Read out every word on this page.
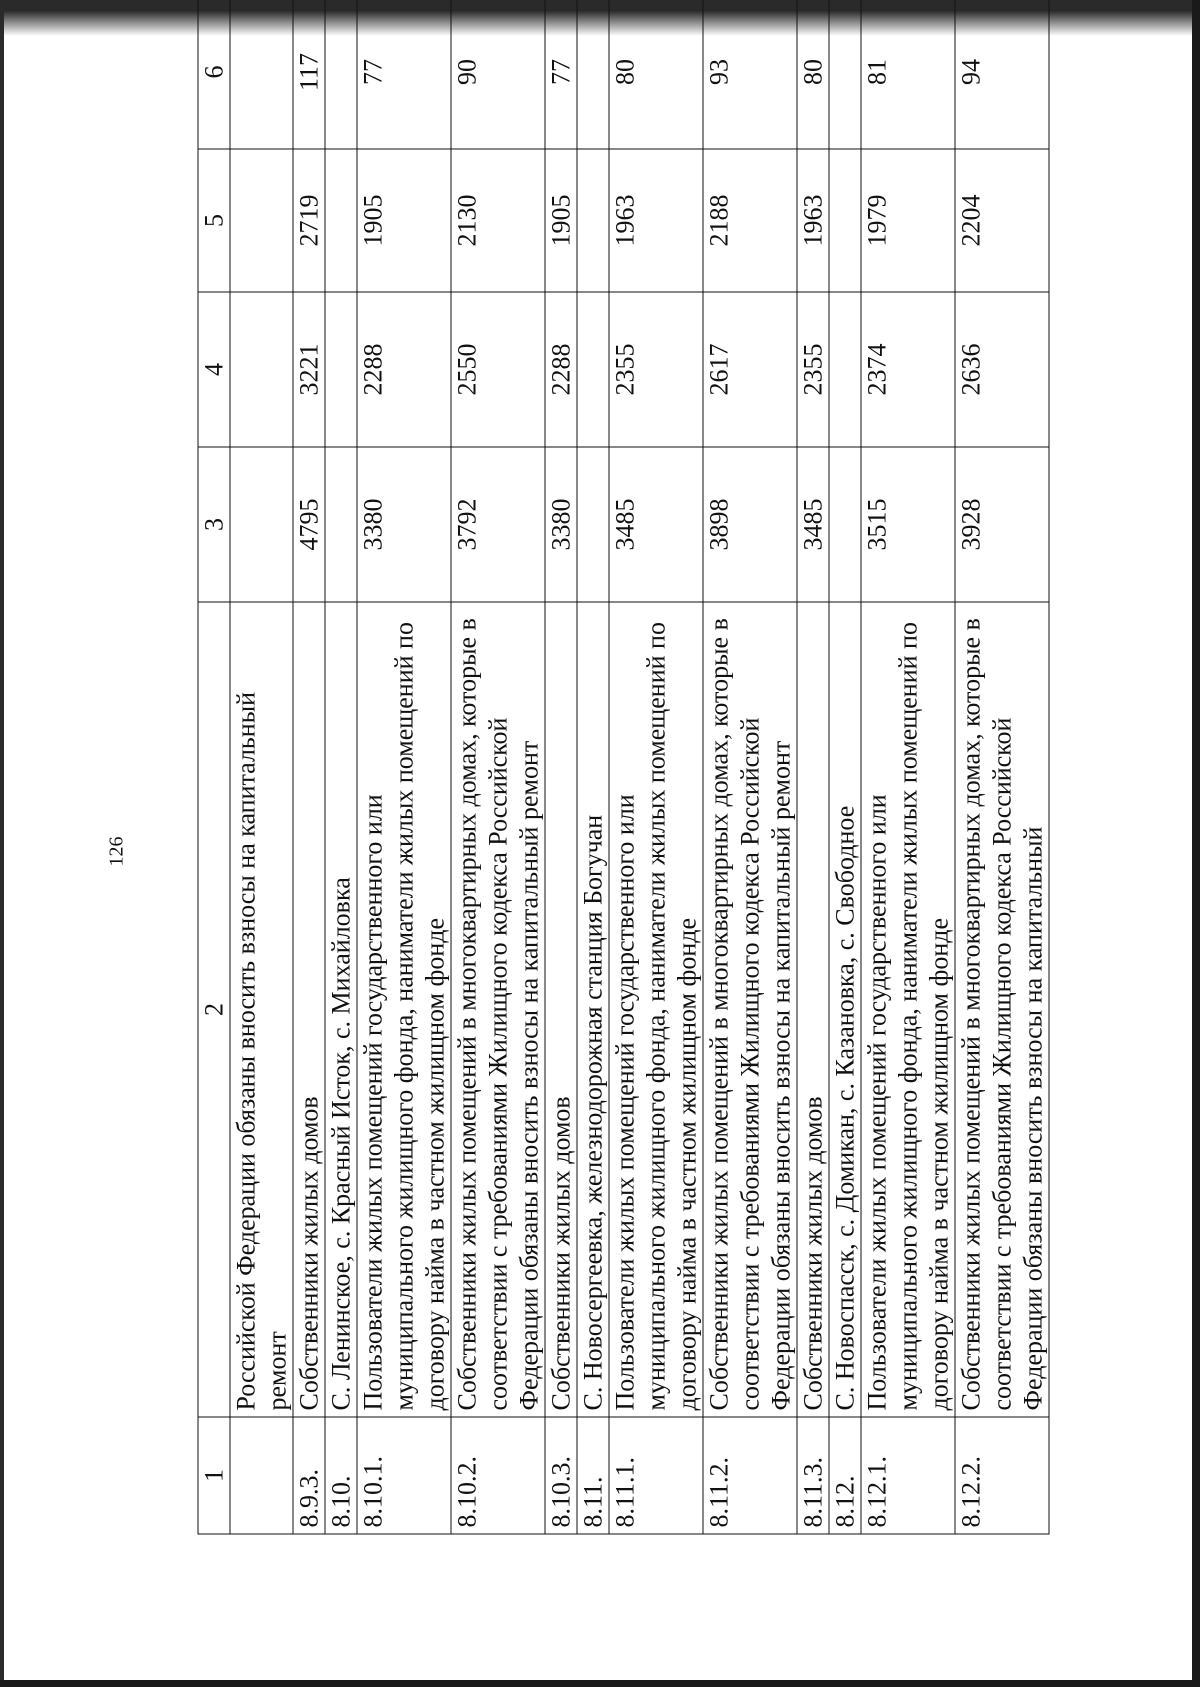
126
1	2	3	4	5	6
	Российской Федерации обязаны вносить взносы на капитальный ремонт				
8.9.3.	Собственники жилых домов	4795	3221	2719	117
8.10.	С. Ленинское, с. Красный Исток, с. Михайловка				
8.10.1.	Пользователи жилых помещений государственного или муниципального жилищного фонда, наниматели жилых помещений по договору найма в частном жилищном фонде	3380	2288	1905	77
8.10.2.	Собственники жилых помещений в многоквартирных домах, которые в соответствии с требованиями Жилищного кодекса Российской Федерации обязаны вносить взносы на капитальный ремонт	3792	2550	2130	90
8.10.3.	Собственники жилых домов	3380	2288	1905	77
8.11.	С. Новосергеевка, железнодорожная станция Богучан				
8.11.1.	Пользователи жилых помещений государственного или муниципального жилищного фонда, наниматели жилых помещений по договору найма в частном жилищном фонде	3485	2355	1963	80
8.11.2.	Собственники жилых помещений в многоквартирных домах, которые в соответствии с требованиями Жилищного кодекса Российской Федерации обязаны вносить взносы на капитальный ремонт	3898	2617	2188	93
8.11.3.	Собственники жилых домов	3485	2355	1963	80
8.12.	С. Новоспасск, с. Домикан, с. Казановка, с. Свободное				
8.12.1.	Пользователи жилых помещений государственного или муниципального жилищного фонда, наниматели жилых помещений по договору найма в частном жилищном фонде	3515	2374	1979	81
8.12.2.	Собственники жилых помещений в многоквартирных домах, которые в соответствии с требованиями Жилищного кодекса Российской Федерации обязаны вносить взносы на капитальный	3928	2636	2204	94
